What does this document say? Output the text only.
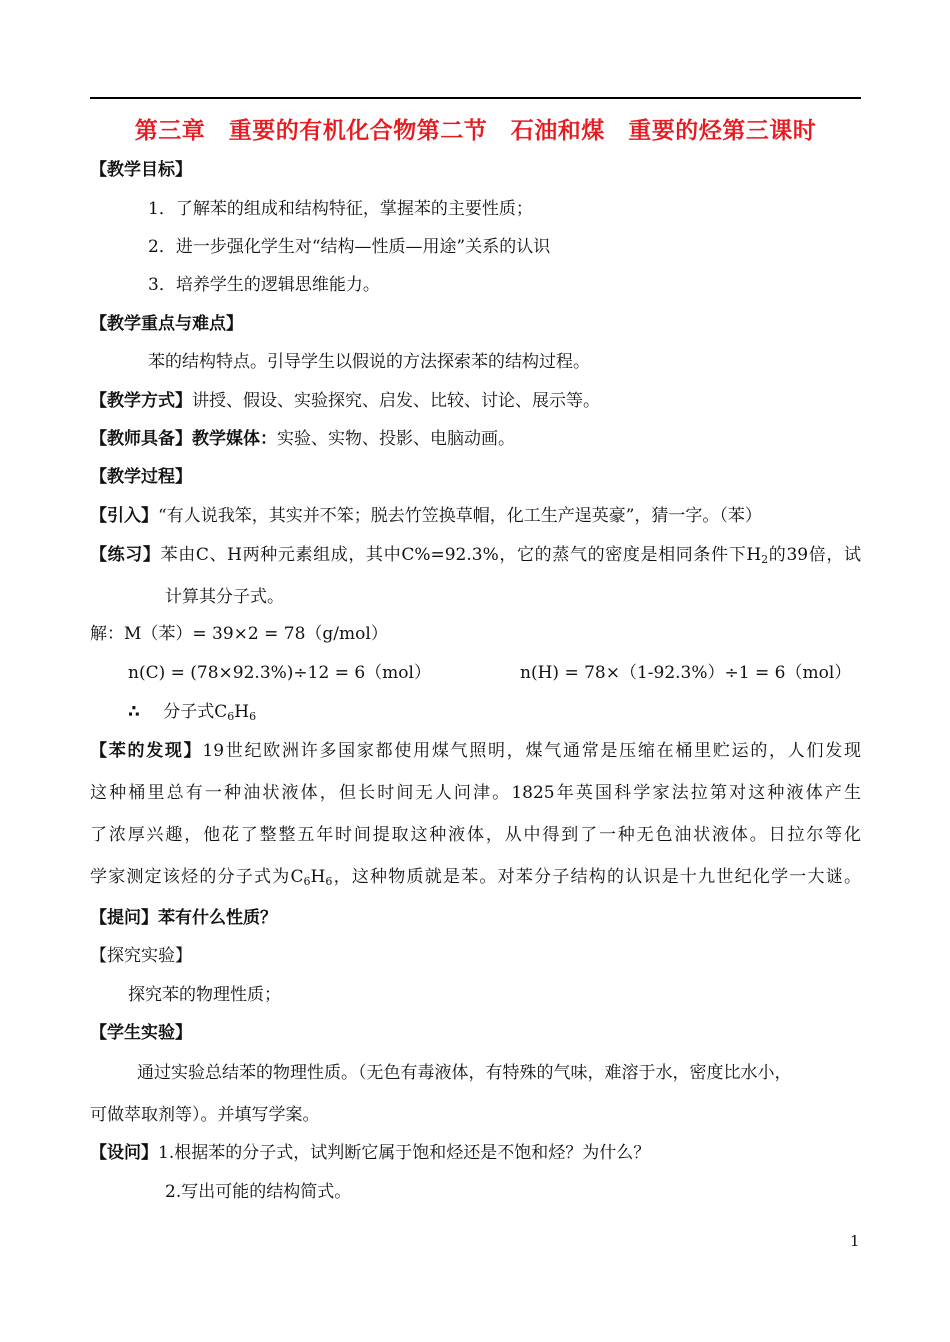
第三章　重要的有机化合物第二节　石油和煤　重要的烃第三课时
【教学目标】
1．了解苯的组成和结构特征，掌握苯的主要性质；
2．进一步强化学生对“结构—性质—用途”关系的认识
3．培养学生的逻辑思维能力。
【教学重点与难点】
苯的结构特点。引导学生以假说的方法探索苯的结构过程。
【教学方式】讲授、假设、实验探究、启发、比较、讨论、展示等。
【教师具备】教学媒体：实验、实物、投影、电脑动画。
【教学过程】
【引入】“有人说我笨，其实并不笨；脱去竹笠换草帽，化工生产逞英豪”，猜一字。（苯）
【练习】苯由C、H两种元素组成，其中C%=92.3%，它的蒸气的密度是相同条件下$H_2$的39倍，试
计算其分子式。
解：M（苯）= 39×2 = 78（g/mol）
n(C) = (78×92.3%)÷12 = 6（mol）	n(H) = 78×（1-92.3%）÷1 = 6（mol）
∴ 分子式$C_6H_6$
【苯的发现】19世纪欧洲许多国家都使用煤气照明，煤气通常是压缩在桶里贮运的，人们发现
这种桶里总有一种油状液体，但长时间无人问津。1825年英国科学家法拉第对这种液体产生
了浓厚兴趣，他花了整整五年时间提取这种液体，从中得到了一种无色油状液体。日拉尔等化
学家测定该烃的分子式为$C_6H_6$，这种物质就是苯。对苯分子结构的认识是十九世纪化学一大谜。
【提问】苯有什么性质？
【探究实验】
探究苯的物理性质；
【学生实验】
通过实验总结苯的物理性质。（无色有毒液体，有特殊的气味，难溶于水，密度比水小，
可做萃取剂等）。并填写学案。
【设问】1.根据苯的分子式，试判断它属于饱和烃还是不饱和烃？为什么？
2.写出可能的结构简式。
1
